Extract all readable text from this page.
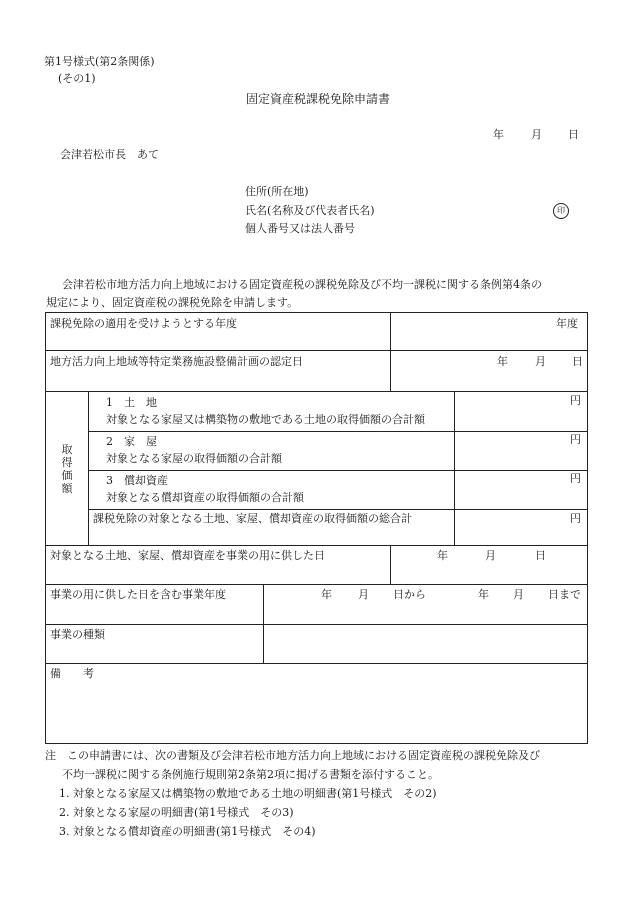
第1号様式(第2条関係)
(その1)
固定資産税課税免除申請書
年 月 日
会津若松市長　あて
住所(所在地)
氏名(名称及び代表者氏名)	印
個人番号又は法人番号
会津若松市地方活力向上地域における固定資産税の課税免除及び不均一課税に関する条例第4条の
規定により、固定資産税の課税免除を申請します。
課税免除の適用を受けようとする年度	年度
地方活力向上地域等特定業務施設整備計画の認定日	年 月 日
取
得
価
額
1　土　地
対象となる家屋又は構築物の敷地である土地の取得価額の合計額
円
2　家　屋
対象となる家屋の取得価額の合計額
円
3　償却資産
対象となる償却資産の取得価額の合計額
円
課税免除の対象となる土地、家屋、償却資産の取得価額の総合計	円
対象となる土地、家屋、償却資産を事業の用に供した日	年	月	日
事業の用に供した日を含む事業年度	年 月 日から	年 月 日まで
事業の種類
備　　考
注　この申請書には、次の書類及び会津若松市地方活力向上地域における固定資産税の課税免除及び
不均一課税に関する条例施行規則第2条第2項に掲げる書類を添付すること。
1. 対象となる家屋又は構築物の敷地である土地の明細書(第1号様式　その2)
2. 対象となる家屋の明細書(第1号様式　その3)
3. 対象となる償却資産の明細書(第1号様式　その4)
